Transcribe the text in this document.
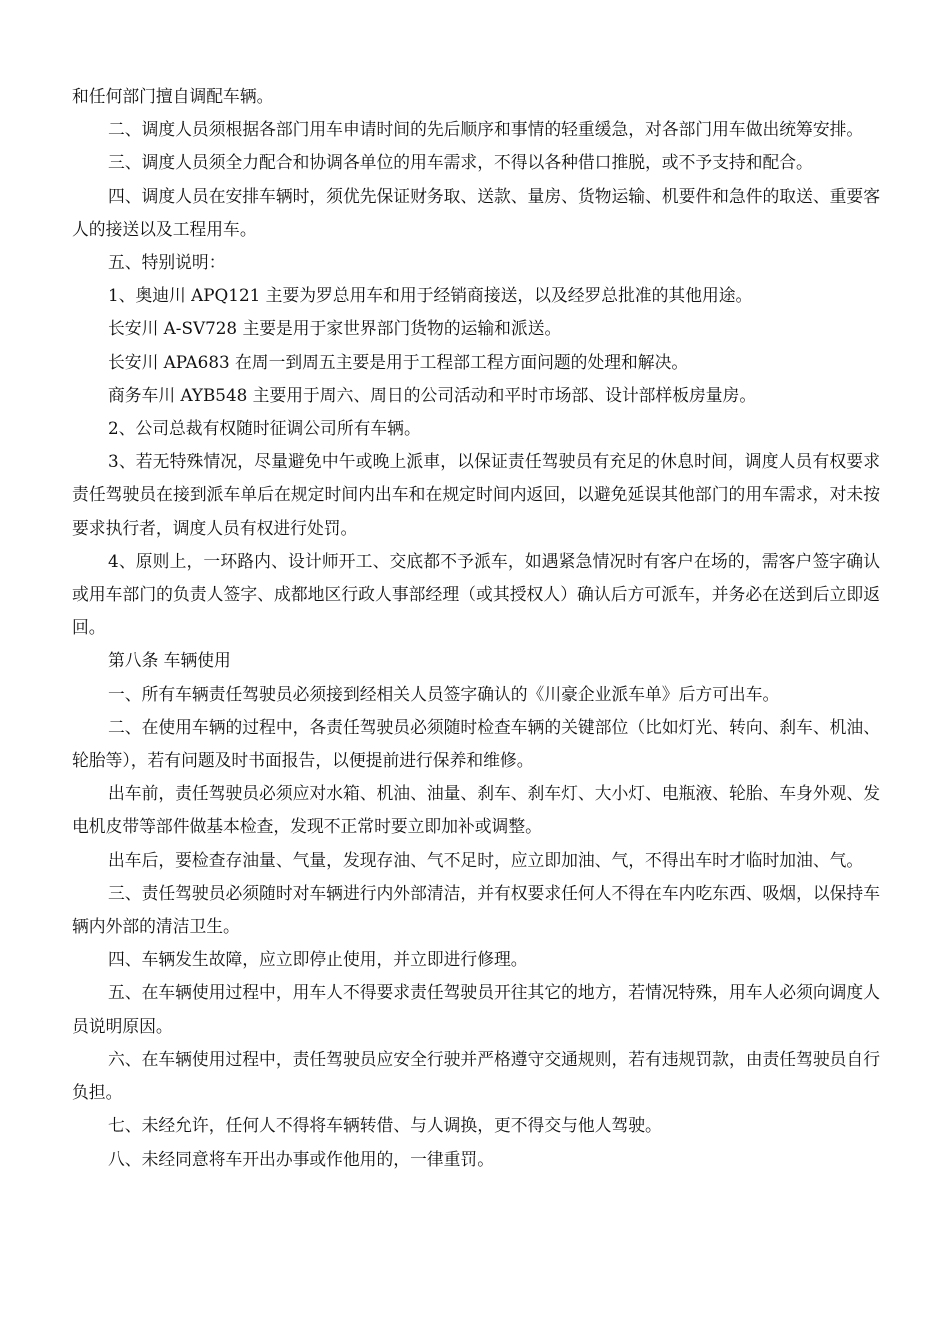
和任何部门擅自调配车辆。

二、调度人员须根据各部门用车申请时间的先后顺序和事情的轻重缓急，对各部门用车做出统筹安排。

三、调度人员须全力配合和协调各单位的用车需求，不得以各种借口推脱，或不予支持和配合。

四、调度人员在安排车辆时，须优先保证财务取、送款、量房、货物运输、机要件和急件的取送、重要客人的接送以及工程用车。

五、特别说明：

1、奥迪川 APQ121 主要为罗总用车和用于经销商接送，以及经罗总批准的其他用途。

长安川 A-SV728 主要是用于家世界部门货物的运输和派送。

长安川 APA683 在周一到周五主要是用于工程部工程方面问题的处理和解决。

商务车川 AYB548 主要用于周六、周日的公司活动和平时市场部、设计部样板房量房。

2、公司总裁有权随时征调公司所有车辆。

3、若无特殊情况，尽量避免中午或晚上派車，以保证责任驾驶员有充足的休息时间，调度人员有权要求责任驾驶员在接到派车单后在规定时间内出车和在规定时间内返回，以避免延误其他部门的用车需求，对未按要求执行者，调度人员有权进行处罚。

4、原则上，一环路内、设计师开工、交底都不予派车，如遇紧急情况时有客户在场的，需客户签字确认或用车部门的负责人签字、成都地区行政人事部经理（或其授权人）确认后方可派车，并务必在送到后立即返回。

第八条 车辆使用

一、所有车辆责任驾驶员必须接到经相关人员签字确认的《川豪企业派车单》后方可出车。

二、在使用车辆的过程中，各责任驾驶员必须随时检查车辆的关键部位（比如灯光、转向、刹车、机油、轮胎等），若有问题及时书面报告，以便提前进行保养和维修。

出车前，责任驾驶员必须应对水箱、机油、油量、刹车、刹车灯、大小灯、电瓶液、轮胎、车身外观、发电机皮带等部件做基本检查，发现不正常时要立即加补或调整。

出车后，要检查存油量、气量，发现存油、气不足时，应立即加油、气，不得出车时才临时加油、气。

三、责任驾驶员必须随时对车辆进行内外部清洁，并有权要求任何人不得在车内吃东西、吸烟，以保持车辆内外部的清洁卫生。

四、车辆发生故障，应立即停止使用，并立即进行修理。

五、在车辆使用过程中，用车人不得要求责任驾驶员开往其它的地方，若情况特殊，用车人必须向调度人员说明原因。

六、在车辆使用过程中，责任驾驶员应安全行驶并严格遵守交通规则，若有违规罚款，由责任驾驶员自行负担。

七、未经允许，任何人不得将车辆转借、与人调换，更不得交与他人驾驶。

八、未经同意将车开出办事或作他用的，一律重罚。
